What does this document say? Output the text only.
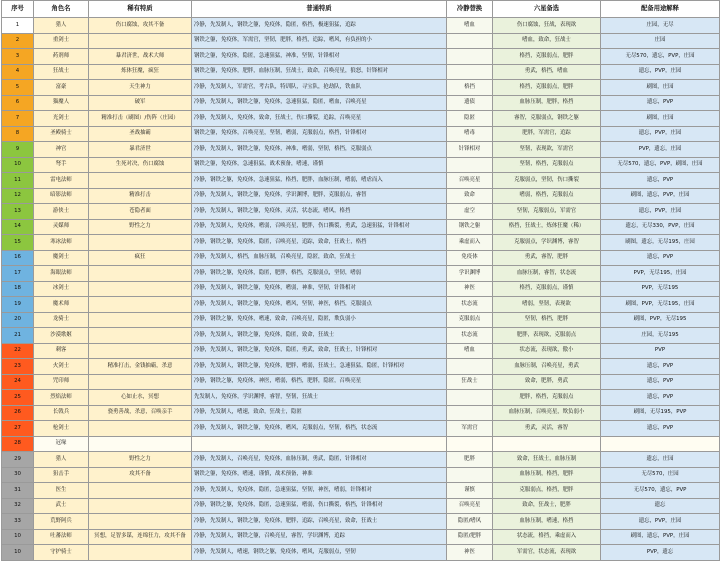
序号	角色名	稀有特质	普通特质	冷静替换	六星备选	配备用途解释
1	猎人	伤口腐蚀，攻其不备	冷静，先发制人，钢铁之躯，免疫体，隐匿，格挡，极速狙猛，追踪	嗜血	伤口腐蚀，狂战，表现欲	庄园，无尽
2	重剑士		钢铁之躯，免疫体，军需官，坚韧，肥胖，格挡，追踪，嗜风，有负担的小		嗜血，致命，狂战士	庄园
3	药剂师	暴君济世，战术大师	钢铁之躯，免疫体，隐匿，急速狙猛，神准，坚韧，针锋相对		格挡，克服弱点，肥胖	无尽570，遗忘，PVP，庄园
4	狂战士	炼体狂魔，疯狂	钢铁之躯，免疫体，肥胖，血脉压制，狂战士，致命，召唤亮星，狼怒，针锋相对		勇武，格挡，嗜血	遗忘，PVP，庄园
5	富豪	天生神力	冷静，先发制人，军需官，考古队，特训队，寻宝队，抢劫队，铁血队	格挡	格挡，克服弱点，肥胖	刷图，庄园
6	猫魔人	破军	冷静，先发制人，钢铁之躯，免疫体，急速狙猛，隐匿，嗜血，召唤亮星	遗债	血脉压制，肥胖，格挡	遗忘，PVP
7	光剑士	精准打击（刷图）/伤阵（庄园）	冷静，先发制人，免疫体，致命，狂战士，伤口撕裂，追踪，召唤亮星	隐匿	睿智，克服弱点，钢铁之躯	刷图，庄园
8	圣殿骑士	圣战抽霸	钢铁之躯，免疫体，召唤亮星，坚韧，嗜弱，克服弱点，格挡，针锋相对	嗜毒	肥胖，军需官，追踪	遗忘，PVP，庄园
9	神官	暴君济世	冷静，先发制人，钢铁之躯，免疫体，神准，嗜弱，坚韧，格挡，克服弱点	针锋相对	坚韧，表现欲，军需官	PVP，遗忘，庄园
10	弩手	生死对决，伤口腐蚀	钢铁之躯，免疫体，急速狙猛，战术预备，嗜速，谨慎		坚韧，格挡，克服弱点	无尽570，遗忘，PVP，刷图，庄园
11	雷电法师		冷静，钢铁之躯，免疫体，急速狙猛，格挡，肥胖，血脉压制，嗜弱，嗜虐而入	召唤亮星	克服弱点，坚韧，伤口撕裂	遗忘，PVP
12	暗影法师	精准打击	冷静，先发制人，钢铁之躯，免疫体，学识渊博，肥胖，克服弱点，睿智	致命	嗜弱，格挡，克服弱点	刷图，遗忘，PVP，庄园
13	游侠士	苍隐者面	冷静，先发制人，钢铁之躯，免疫体，灵活，状态流，嗜风，格挡	虚空	坚韧，克服弱点，军需官	遗忘，PVP，庄园
14	灵媒师	野性之力	冷静，先发制人，免疫体，嗜弱，召唤亮星，肥胖，伤口撕裂，勇武，急速狙猛，针锋相对	钢铁之躯	格挡，狂战士，炼体狂魔（稀）	遗忘，无尽330，PVP，庄园
15	寒冰法师		冷静，钢铁之躯，免疫体，隐匿，召唤亮星，追踪，致命，狂战士，格挡	乘虚而入	克服弱点，学识渊博，睿智	刷图，遗忘，无尽195，庄园
16	魔剑士	疯狂	冷静，先发制人，格挡，血脉压制，召唤亮星，隐匿，致命，狂战士	免疫体	勇武，睿智，肥胖	遗忘，PVP
17	海眼法师		冷静，钢铁之躯，免疫体，隐匿，肥胖，格挡，克服弱点，坚韧，嗜弱	学识渊博	血脉压制，睿智，状态流	PVP，无尽195，庄园
18	冰剑士		冷静，先发制人，钢铁之躯，免疫体，嗜弱，神准，坚韧，针锋相对	神医	格挡，克服弱点，谨慎	PVP，无尽195
19	魔术师		冷静，先发制人，钢铁之躯，免疫体，嗜风，坚韧，神医，格挡，克服弱点	状态流	嗜弱，坚韧，表现欲	刷图，PVP，无尽195，庄园
20	龙骑士		冷静，钢铁之躯，免疫体，嗜速，致命，召唤亮星，隐匿，欺负弱小	克服弱点	坚韧，格挡，肥胖	刷图，PVP，无尽195
21	沙漠歌姬		冷静，先发制人，钢铁之躯，免疫体，隐匿，致命，狂战士	状态流	肥胖，表现欲，克服弱点	庄园，无尽195
22	刺客		冷静，先发制人，钢铁之躯，免疫体，隐匿，勇武，致命，狂战士，针锋相对	嗜血	状态流，表现欲，傲小	PVP
23	火剑士	精准打击，金钱抽霸，杀意	冷静，先发制人，钢铁之躯，免疫体，肥胖，嗜弱，狂战士，急速狙猛，隐匿，针锋相对		血脉压制，召唤亮星，勇武	遗忘，PVP
24	咒印师		冷静，钢铁之躯，免疫体，神医，嗜弱，格挡，肥胖，隐匿，召唤亮星	狂战士	致命，肥胖，勇武	遗忘，PVP
25	烈焰法师	心如止水，冥想	先发制人，免疫体，学识渊博，睿智，坚韧，狂战士		肥胖，格挡，克服弱点	遗忘，PVP
26	长戟兵	骁勇善战，杀意，召唤亲手	冷静，先发制人，嗜速，致命，狂战士，隐匿		血脉压制，召唤亮星，欺负弱小	刷图，无尽195，PVP
27	枪剑士		冷静，先发制人，钢铁之躯，免疫体，嗜风，克服弱点，坚韧，格挡，状态流	军需官	勇武，灵活，睿智	遗忘，PVP
28	冠缘					
29	猎人	野性之力	冷静，先发制人，召唤亮星，免疫体，血脉压制，勇武，隐匿，针锋相对	肥胖	致命，狂战士，血脉压制	遗忘，庄园
30	狙击手	攻其不备	钢铁之躯，免疫体，嗜速，谨慎，战术预备，神准		血脉压制，格挡，肥胖	无尽570，庄园
31	医生		冷静，先发制人，免疫体，隐匿，急速狙猛，坚韧，神医，嗜弱，针锋相对	谨慎	克服弱点，格挡，肥胖	无尽570，遗忘，PVP
32	武士		冷静，钢铁之躯，免疫体，隐匿，急速狙猛，嗜弱，伤口撕裂，格挡，针锋相对	召唤亮星	致命，狂战士，肥胖	遗忘
33	荒野阿兵		冷静，先发制人，钢铁之躯，免疫体，肥胖，追踪，召唤亮星，致命，狂战士	隐匿/嗜风	血脉压制，嗜速，格挡	遗忘，PVP，庄园
10	吐蕃法师	冥想，足智多谋，连绵狂力，攻其不备	冷静，先发制人，钢铁之躯，召唤亮星，睿智，学识渊博，追踪	隐匿/肥胖	状态流，格挡，乘虚而入	刷图，遗忘，PVP，庄园
10	守护骑士		冷静，先发制人，嗜速，钢铁之躯，免疫体，嗜风，克服弱点，坚韧	神医	军需官，状态流，表现欲	PVP，遗忘
